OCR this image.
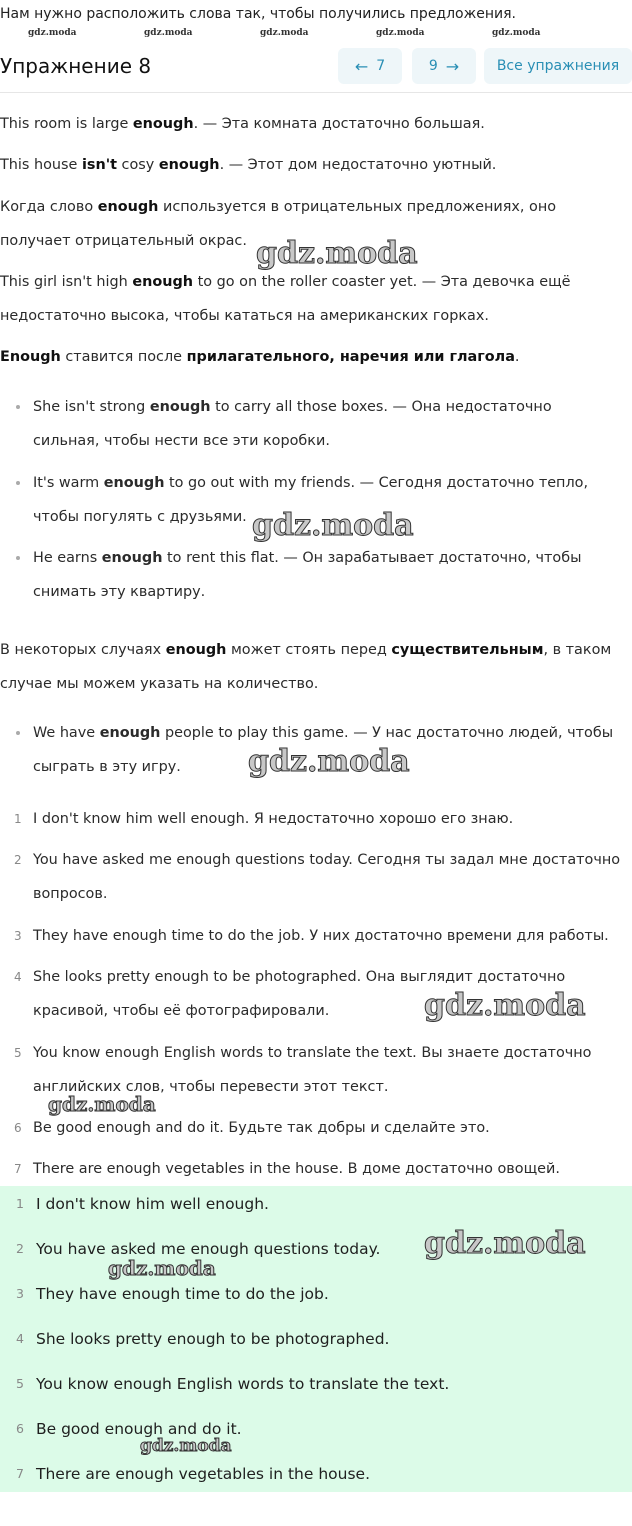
Нам нужно расположить слова так, чтобы получились предложения.
gdz.moda	gdz.moda	gdz.moda	gdz.moda	gdz.moda
Упражнение 8	← 7	9 →	Все упражнения
This room is large enough. — Эта комната достаточно большая.
This house isn't cosy enough. — Этот дом недостаточно уютный.
Когда слово enough используется в отрицательных предложениях, оно получает отрицательный окрас.
This girl isn't high enough to go on the roller coaster yet. — Эта девочка ещё недостаточно высока, чтобы кататься на американских горках.
Enough ставится после прилагательного, наречия или глагола.
She isn't strong enough to carry all those boxes. — Она недостаточно сильная, чтобы нести все эти коробки.
It's warm enough to go out with my friends. — Сегодня достаточно тепло, чтобы погулять с друзьями.
He earns enough to rent this flat. — Он зарабатывает достаточно, чтобы снимать эту квартиру.
В некоторых случаях enough может стоять перед существительным, в таком случае мы можем указать на количество.
We have enough people to play this game. — У нас достаточно людей, чтобы сыграть в эту игру.
1 I don't know him well enough. Я недостаточно хорошо его знаю.
2 You have asked me enough questions today. Сегодня ты задал мне достаточно вопросов.
3 They have enough time to do the job. У них достаточно времени для работы.
4 She looks pretty enough to be photographed. Она выглядит достаточно красивой, чтобы её фотографировали.
5 You know enough English words to translate the text. Вы знаете достаточно английских слов, чтобы перевести этот текст.
6 Be good enough and do it. Будьте так добры и сделайте это.
7 There are enough vegetables in the house. В доме достаточно овощей.
1 I don't know him well enough.
2 You have asked me enough questions today.
3 They have enough time to do the job.
4 She looks pretty enough to be photographed.
5 You know enough English words to translate the text.
6 Be good enough and do it.
7 There are enough vegetables in the house.
gdz.moda
gdz.moda
gdz.moda
gdz.moda
gdz.moda
gdz.moda
gdz.moda
gdz.moda
